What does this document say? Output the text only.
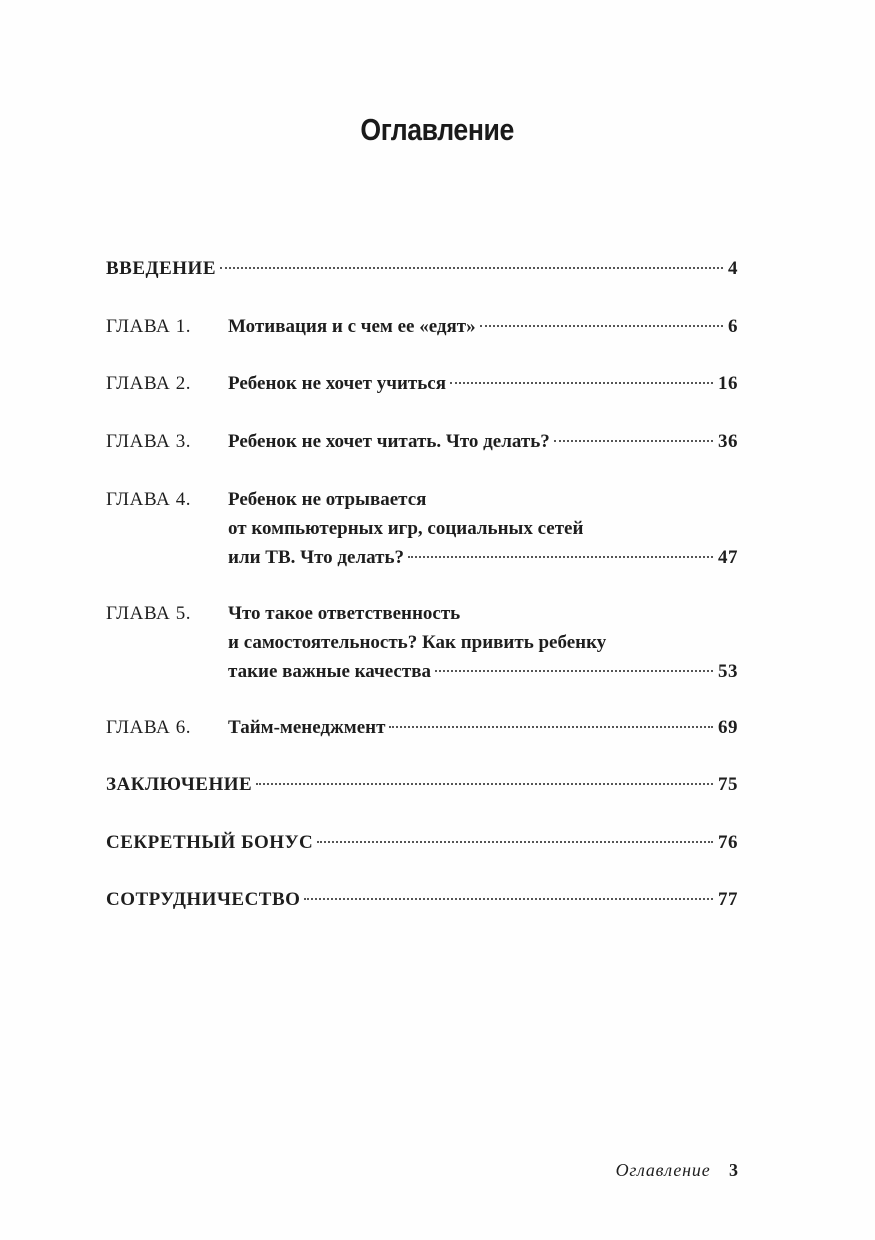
Оглавление
ВВЕДЕНИЕ	4
ГЛАВА 1.	Мотивация и с чем ее «едят»	6
ГЛАВА 2.	Ребенок не хочет учиться	16
ГЛАВА 3.	Ребенок не хочет читать. Что делать?	36
ГЛАВА 4.	Ребенок не отрывается
от компьютерных игр, социальных сетей
или ТВ. Что делать?	47
ГЛАВА 5.	Что такое ответственность
и самостоятельность? Как привить ребенку
такие важные качества	53
ГЛАВА 6.	Тайм-менеджмент	69
ЗАКЛЮЧЕНИЕ	75
СЕКРЕТНЫЙ БОНУС	76
СОТРУДНИЧЕСТВО	77
Оглавление 3
